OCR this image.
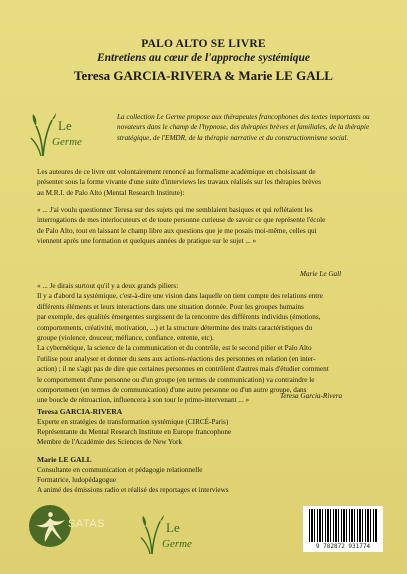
PALO ALTO SE LIVRE
Entretiens au cœur de l'approche systémique
Teresa GARCIA-RIVERA & Marie LE GALL
Le
Germe
La collection Le Germe propose aux thérapeutes francophones des textes importants ou
novateurs dans le champ de l'hypnose, des thérapies brèves et familiales, de la thérapie
stratégique, de l'EMDR, de la thérapie narrative et du constructionnisme social.
Les auteures de ce livre ont volontairement renoncé au formalisme académique en choisissant de
présenter sous la forme vivante d'une suite d'interviews les travaux réalisés sur les thérapies brèves
au M.R.I. de Palo Alto (Mental Research Institute):
« ... J'ai voulu questionner Teresa sur des sujets qui me semblaient basiques et qui reflétaient les
interrogations de mes interlocuteurs et de toute personne curieuse de savoir ce que représente l'école
de Palo Alto, tout en laissant le champ libre aux questions que je me posais moi-même, celles qui
viennent après une formation et quelques années de pratique sur le sujet ... »
Marie Le Gall
« ... Je dirais surtout qu'il y a deux grands piliers:
Il y a d'abord la systémique, c'est-à-dire une vision dans laquelle on tient compte des relations entre
différents éléments et leurs interactions dans une situation donnée. Pour les groupes humains
par exemple, des qualités émergentes surgissent de la rencontre des différents individus (émotions,
comportements, créativité, motivation, ...) et la structure détermine des traits caractéristiques du
groupe (violence, douceur, méfiance, confiance, entente, etc).
La cybernétique, la science de la communication et du contrôle, est le second pilier et Palo Alto
l'utilise pour analyser et donner du sens aux actions-réactions des personnes en relation (en inter-
action) ; il ne s'agit pas de dire que certaines personnes en contrôlent d'autres mais d'étudier comment
le comportement d'une personne ou d'un groupe (en termes de communication) va contraindre le
comportement (en termes de communication) d'une autre personne ou d'un autre groupe, dans
une boucle de rétroaction, influencera à son tour le primo-intervenant ... »
Teresa Garcia-Rivera
Teresa GARCIA-RIVERA
Experte en stratégies de transformation systémique (CIRCÉ-Paris)
Représentante du Mental Research Institute en Europe francophone
Membre de l'Académie des Sciences de New York
Marie LE GALL
Consultante en communication et pédagogie relationnelle
Formatrice, ludopédagogue
A animé des émissions radio et réalisé des reportages et interviews
SATAS	Le
Germe	9 782872 931774
